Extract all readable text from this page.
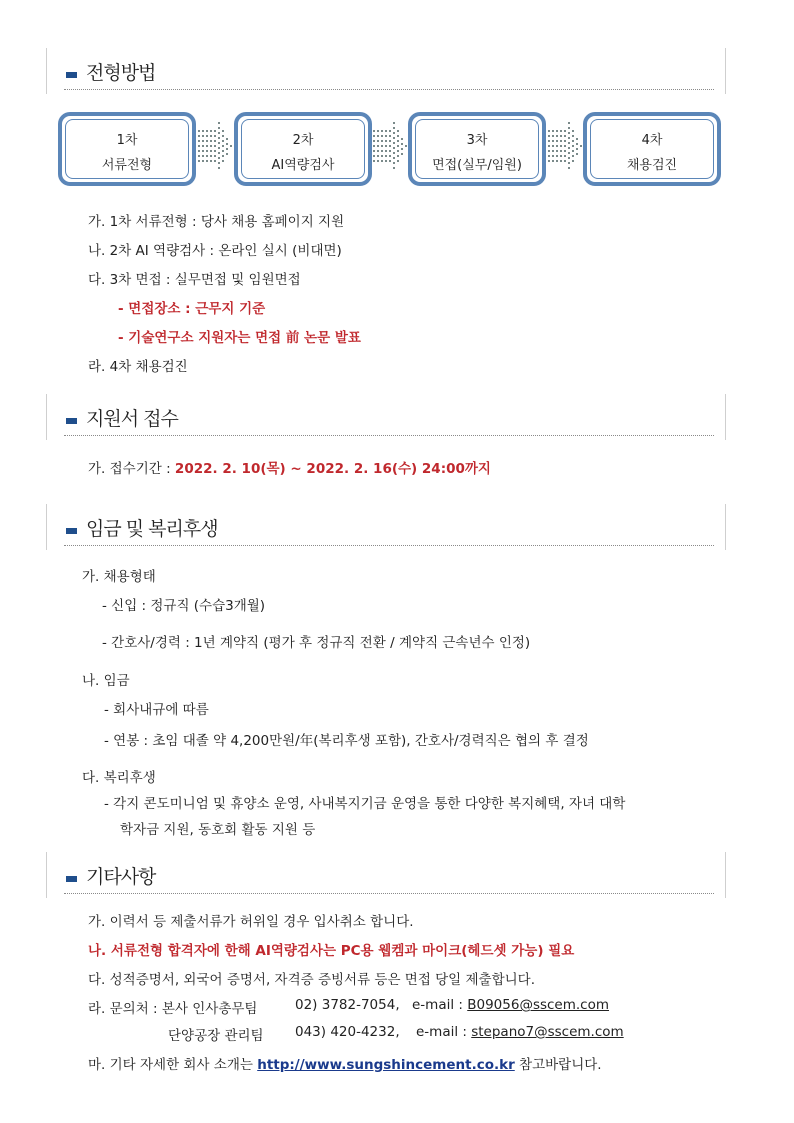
전형방법
1차
서류전형
2차
AI역량검사
3차
면접(실무/임원)
4차
채용검진
가. 1차 서류전형 : 당사 채용 홈페이지 지원
나. 2차 AI 역량검사 : 온라인 실시 (비대면)
다. 3차 면접 : 실무면접 및 임원면접
- 면접장소 : 근무지 기준
- 기술연구소 지원자는 면접 前 논문 발표
라. 4차 채용검진
지원서 접수
가. 접수기간 : 2022. 2. 10(목) ~ 2022. 2. 16(수) 24:00까지
임금 및 복리후생
가. 채용형태
- 신입 : 정규직 (수습3개월)
- 간호사/경력 : 1년 계약직 (평가 후 정규직 전환 / 계약직 근속년수 인정)
나. 임금
- 회사내규에 따름
- 연봉 : 초임 대졸 약 4,200만원/年(복리후생 포함), 간호사/경력직은 협의 후 결정
다. 복리후생
- 각지 콘도미니엄 및 휴양소 운영, 사내복지기금 운영을 통한 다양한 복지혜택, 자녀 대학
학자금 지원, 동호회 활동 지원 등
기타사항
가. 이력서 등 제출서류가 허위일 경우 입사취소 합니다.
나. 서류전형 합격자에 한해 AI역량검사는 PC용 웹켐과 마이크(헤드셋 가능) 필요
다. 성적증명서, 외국어 증명서, 자격증 증빙서류 등은 면접 당일 제출합니다.
라. 문의처 : 본사 인사총무팀	02) 3782-7054, e-mail : B09056@sscem.com
단양공장 관리팀 043) 420-4232, e-mail : stepano7@sscem.com
마. 기타 자세한 회사 소개는 http://www.sungshincement.co.kr 참고바랍니다.
